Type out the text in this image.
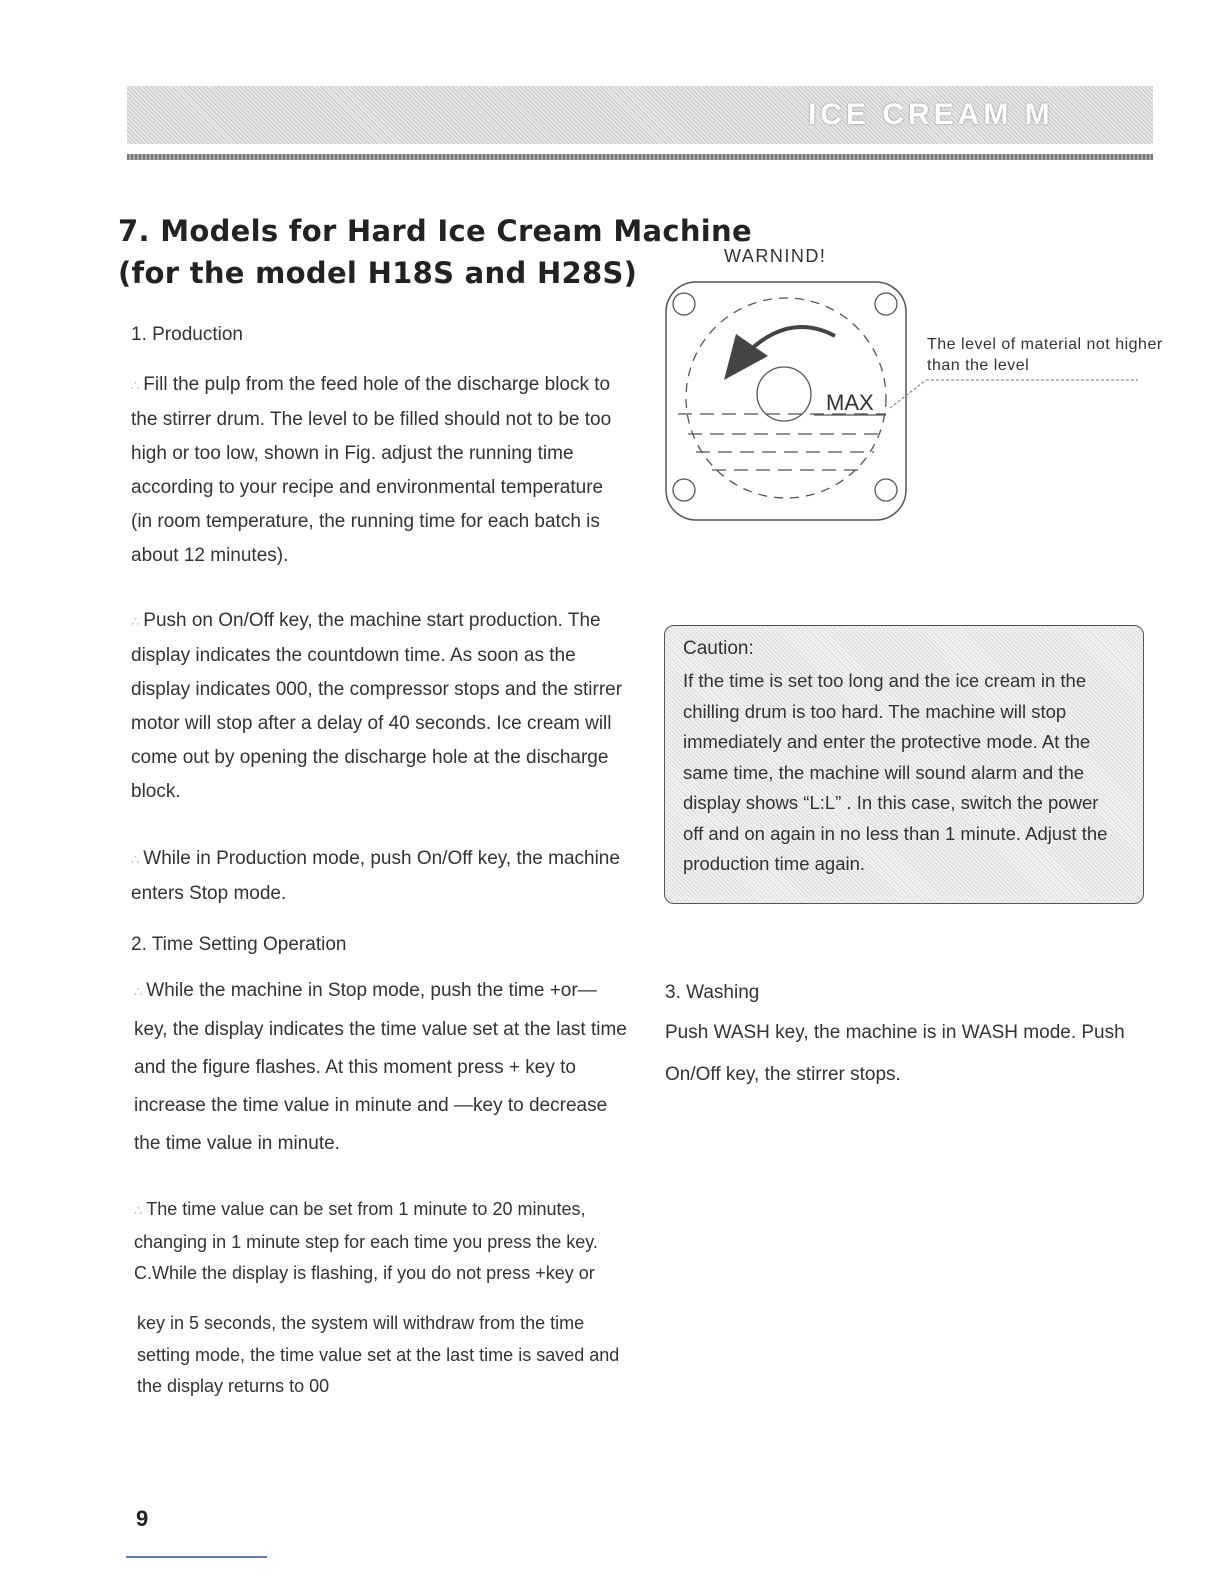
ICE CREAM M
7. Models for Hard Ice Cream Machine
(for the model H18S and H28S)

1. Production

∴ Fill the pulp from the feed hole of the discharge block to the stirrer drum. The level to be filled should not to be too high or too low, shown in Fig. adjust the running time according to your recipe and environmental temperature (in room temperature, the running time for each batch is about 12 minutes).

∴ Push on On/Off key, the machine start production. The display indicates the countdown time. As soon as the display indicates 000, the compressor stops and the stirrer motor will stop after a delay of 40 seconds. Ice cream will come out by opening the discharge hole at the discharge block.

∴ While in Production mode, push On/Off key, the machine enters Stop mode.

2. Time Setting Operation

∴ While the machine in Stop mode, push the time +or— key, the display indicates the time value set at the last time and the figure flashes. At this moment press + key to increase the time value in minute and —key to decrease the time value in minute.

∴ The time value can be set from 1 minute to 20 minutes, changing in 1 minute step for each time you press the key. C.While the display is flashing, if you do not press +key or

key in 5 seconds, the system will withdraw from the time setting mode, the time value set at the last time is saved and the display returns to 00

WARNIND!
MAX
The level of material not higher than the level

Caution:

If the time is set too long and the ice cream in the chilling drum is too hard. The machine will stop immediately and enter the protective mode. At the same time, the machine will sound alarm and the display shows “L:L” . In this case, switch the power off and on again in no less than 1 minute. Adjust the production time again.

3. Washing

Push WASH key, the machine is in WASH mode. Push On/Off key, the stirrer stops.

9
